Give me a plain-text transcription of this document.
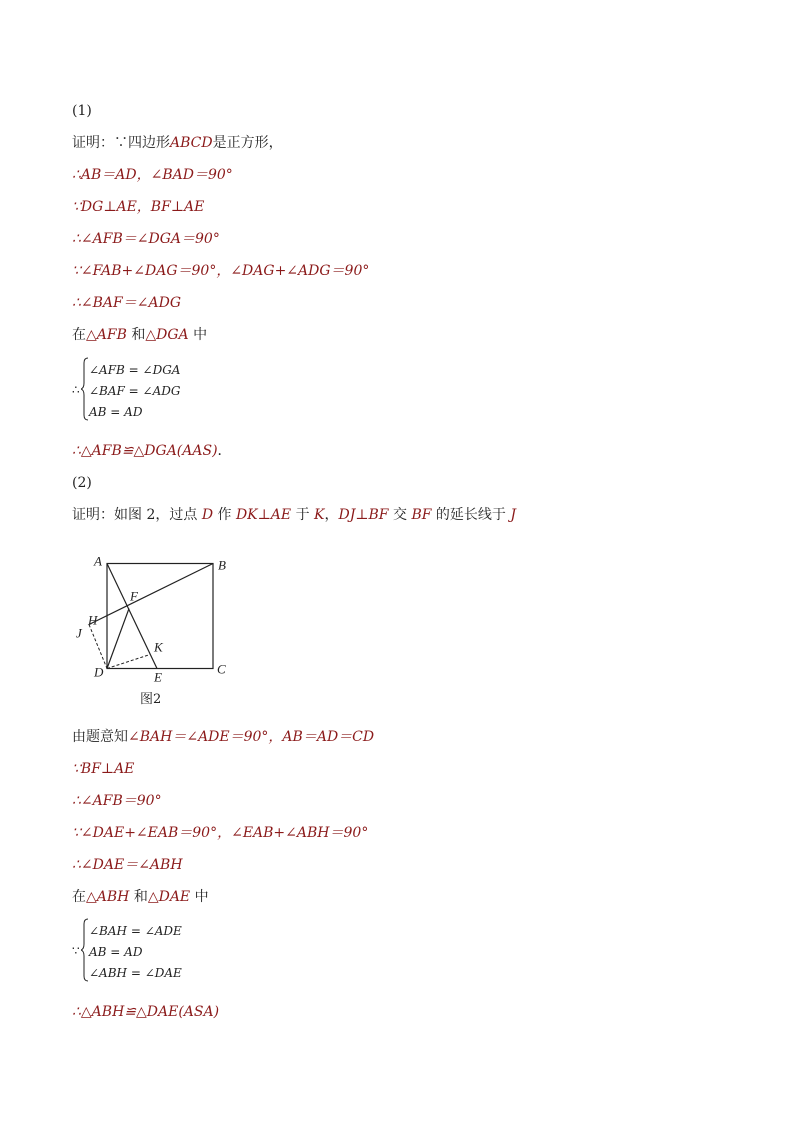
(1)
证明：∵四边形ABCD是正方形，
∴AB＝AD，∠BAD＝90°
∵DG⊥AE，BF⊥AE
∴∠AFB＝∠DGA＝90°
∵∠FAB+∠DAG＝90°，∠DAG+∠ADG＝90°
∴∠BAF＝∠ADG
在△AFB 和△DGA 中
∴
∠AFB = ∠DGA
∠BAF = ∠ADG
AB = AD
∴△AFB≌△DGA(AAS)．
(2)
证明：如图 2，过点 D 作 DK⊥AE 于 K，DJ⊥BF 交 BF 的延长线于 J
A	B
C
D	E
F
H
J
K
图2
由题意知∠BAH＝∠ADE＝90°，AB＝AD＝CD
∵BF⊥AE
∴∠AFB＝90°
∵∠DAE+∠EAB＝90°，∠EAB+∠ABH＝90°
∴∠DAE＝∠ABH
在△ABH 和△DAE 中
∵
∠BAH = ∠ADE
AB = AD
∠ABH = ∠DAE
∴△ABH≌△DAE(ASA)
